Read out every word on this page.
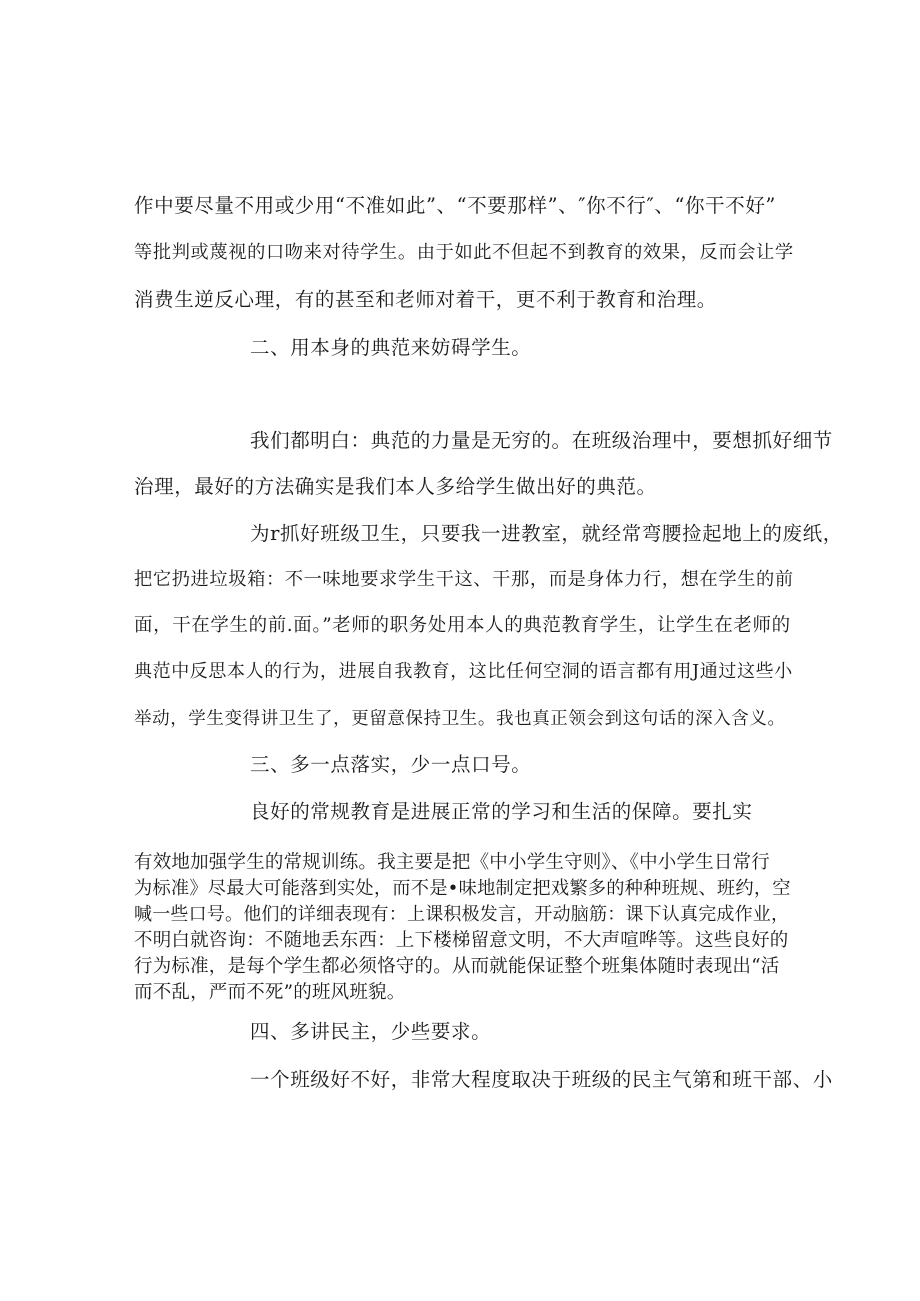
作中要尽量不用或少用“不准如此”、“不要那样”、″你不行″、“你干不好”
等批判或蔑视的口吻来对待学生。由于如此不但起不到教育的效果，反而会让学
消费生逆反心理，有的甚至和老师对着干，更不利于教育和治理。
二、用本身的典范来妨碍学生。
我们都明白：典范的力量是无穷的。在班级治理中，要想抓好细节
治理，最好的方法确实是我们本人多给学生做出好的典范。
为r抓好班级卫生，只要我一进教室，就经常弯腰捡起地上的废纸，
把它扔进垃圾箱：不一味地要求学生干这、干那，而是身体力行，想在学生的前
面，干在学生的前.面。”老师的职务处用本人的典范教育学生，让学生在老师的
典范中反思本人的行为，进展自我教育，这比任何空洞的语言都有用J通过这些小
举动，学生变得讲卫生了，更留意保持卫生。我也真正领会到这句话的深入含义。
三、多一点落实，少一点口号。
良好的常规教育是进展正常的学习和生活的保障。要扎实
有效地加强学生的常规训练。我主要是把《中小学生守则》、《中小学生日常行
为标准》尽最大可能落到实处，而不是•味地制定把戏繁多的种种班规、班约，空
喊一些口号。他们的详细表现有：上课积极发言，开动脑筋：课下认真完成作业，
不明白就咨询：不随地丢东西：上下楼梯留意文明，不大声喧哗等。这些良好的
行为标准，是每个学生都必须恪守的。从而就能保证整个班集体随时表现出“活
而不乱，严而不死”的班风班貌。
四、多讲民主，少些要求。
一个班级好不好，非常大程度取决于班级的民主气第和班干部、小
